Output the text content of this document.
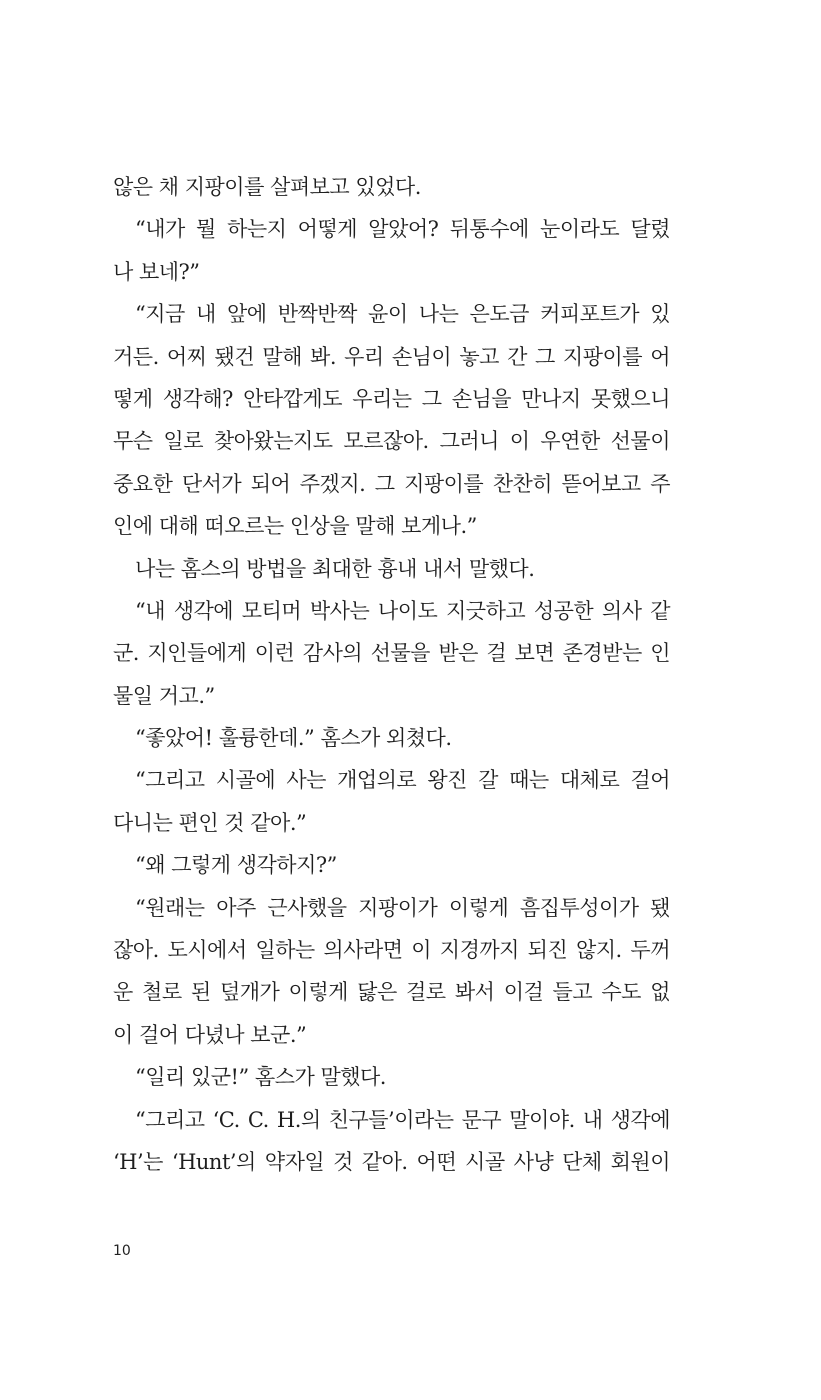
않은 채 지팡이를 살펴보고 있었다.
“내가 뭘 하는지 어떻게 알았어? 뒤통수에 눈이라도 달렸
나 보네?”
“지금 내 앞에 반짝반짝 윤이 나는 은도금 커피포트가 있
거든. 어찌 됐건 말해 봐. 우리 손님이 놓고 간 그 지팡이를 어
떻게 생각해? 안타깝게도 우리는 그 손님을 만나지 못했으니
무슨 일로 찾아왔는지도 모르잖아. 그러니 이 우연한 선물이
중요한 단서가 되어 주겠지. 그 지팡이를 찬찬히 뜯어보고 주
인에 대해 떠오르는 인상을 말해 보게나.”
나는 홈스의 방법을 최대한 흉내 내서 말했다.
“내 생각에 모티머 박사는 나이도 지긋하고 성공한 의사 같
군. 지인들에게 이런 감사의 선물을 받은 걸 보면 존경받는 인
물일 거고.”
“좋았어! 훌륭한데.” 홈스가 외쳤다.
“그리고 시골에 사는 개업의로 왕진 갈 때는 대체로 걸어
다니는 편인 것 같아.”
“왜 그렇게 생각하지?”
“원래는 아주 근사했을 지팡이가 이렇게 흠집투성이가 됐
잖아. 도시에서 일하는 의사라면 이 지경까지 되진 않지. 두꺼
운 철로 된 덮개가 이렇게 닳은 걸로 봐서 이걸 들고 수도 없
이 걸어 다녔나 보군.”
“일리 있군!” 홈스가 말했다.
“그리고 ‘C. C. H.의 친구들’이라는 문구 말이야. 내 생각에
‘H’는 ‘Hunt’의 약자일 것 같아. 어떤 시골 사냥 단체 회원이
10
